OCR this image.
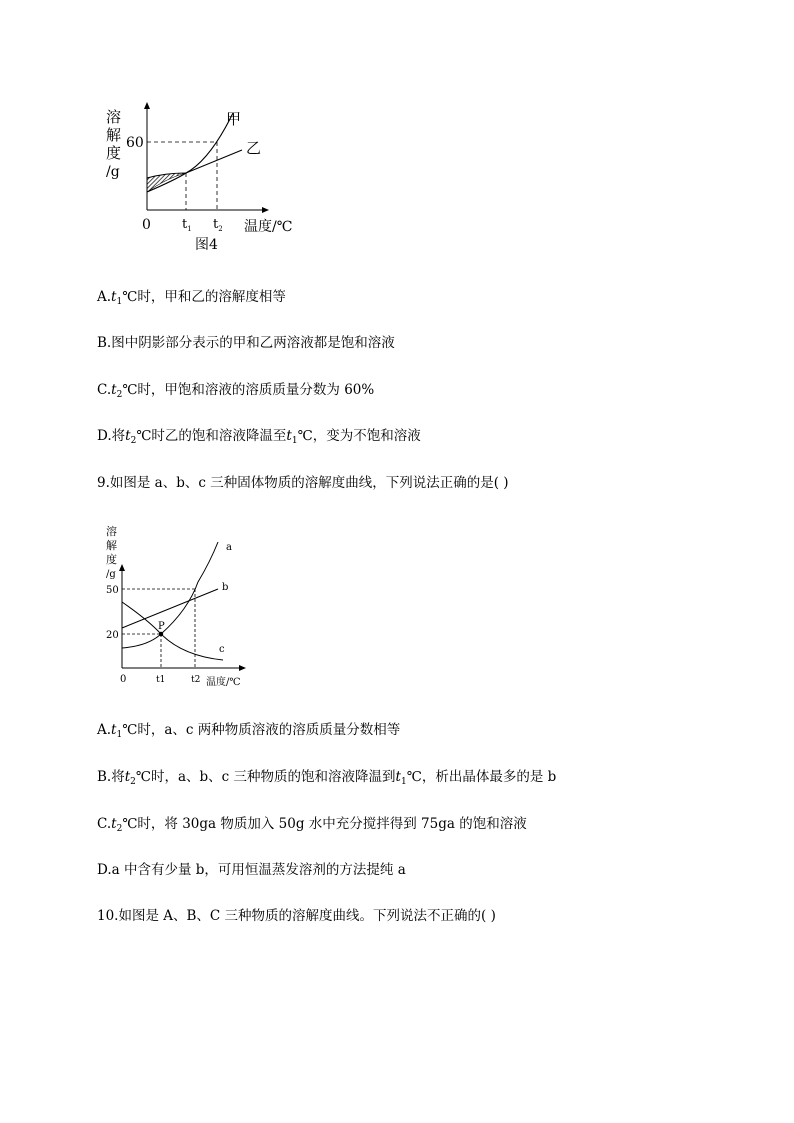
溶
解
度
/g
60
0 $t_1$ $t_2$ 温度/℃
图4
甲
乙
$A.t_1℃$时，甲和乙的溶解度相等
B.图中阴影部分表示的甲和乙两溶液都是饱和溶液
$C.t_2℃$时，甲饱和溶液的溶质质量分数为 60%
D.将$t_2℃$时乙的饱和溶液降温至$t_1℃$，变为不饱和溶液
9.如图是 a、b、c 三种固体物质的溶解度曲线，下列说法正确的是( )
P
溶
解
度
/g
50
20
0	t1	t2 温度/℃
a
b
c
$A.t_1℃$时，a、c 两种物质溶液的溶质质量分数相等
B.将$t_2℃$时，a、b、c 三种物质的饱和溶液降温到$t_1℃$，析出晶体最多的是 b
$C.t_2℃$时，将 30ga 物质加入 50g 水中充分搅拌得到 75ga 的饱和溶液
D.a 中含有少量 b，可用恒温蒸发溶剂的方法提纯 a
10.如图是 A、B、C 三种物质的溶解度曲线。下列说法不正确的( )
